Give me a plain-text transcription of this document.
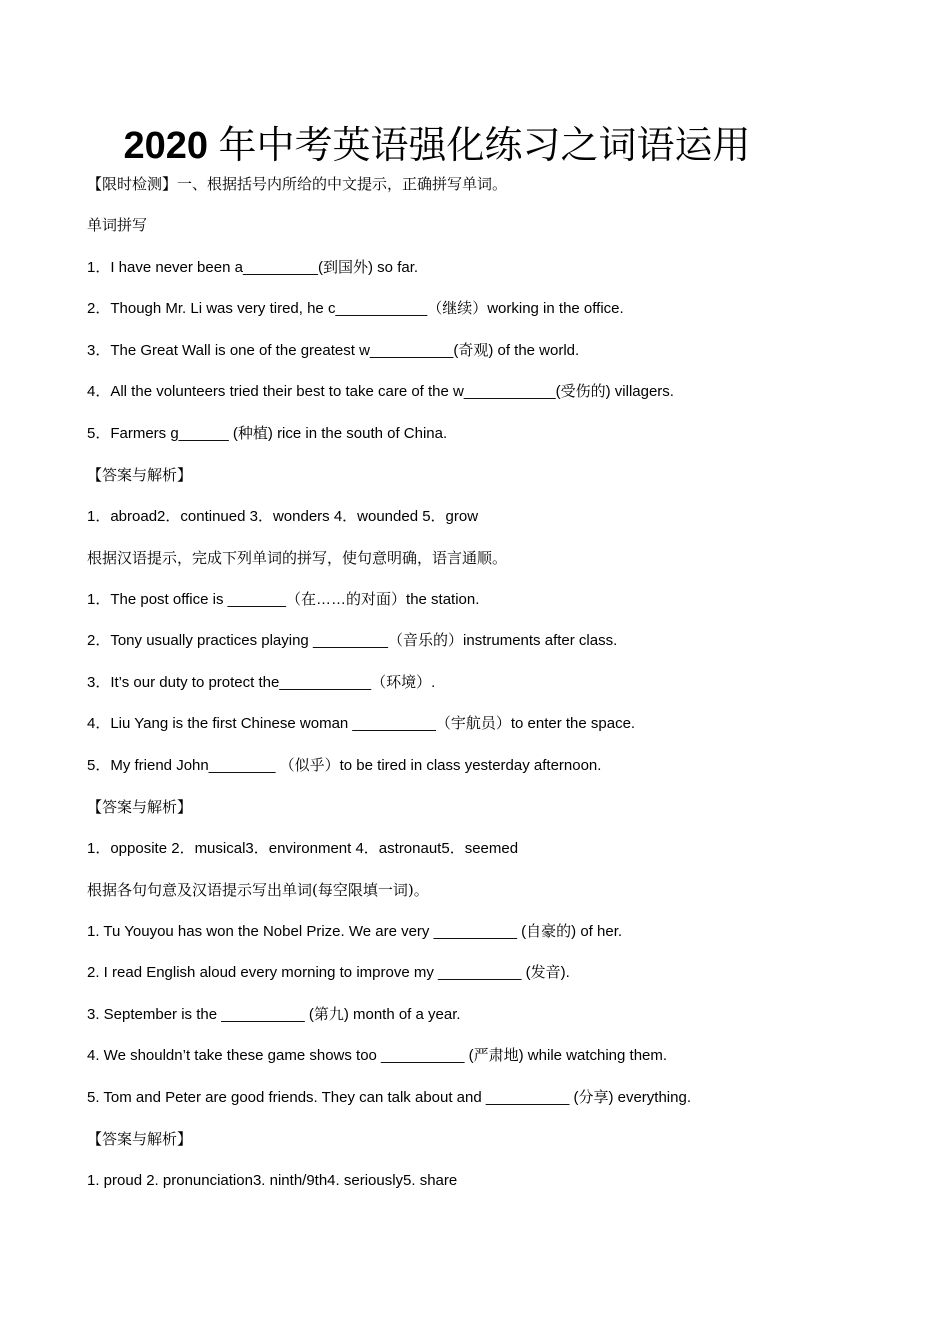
2020 年中考英语强化练习之词语运用
【限时检测】一、根据括号内所给的中文提示，正确拼写单词。
单词拼写
1．I have never been a_________(到国外) so far.
2．Though Mr. Li was very tired, he c___________（继续）working in the office.
3．The Great Wall is one of the greatest w__________(奇观) of the world.
4．All the volunteers tried their best to take care of the w___________(受伤的) villagers.
5．Farmers g______ (种植) rice in the south of China.
【答案与解析】
1．abroad2．continued 3．wonders 4．wounded 5．grow
根据汉语提示，完成下列单词的拼写，使句意明确，语言通顺。
1．The post office is _______（在……的对面）the station.
2．Tony usually practices playing _________（音乐的）instruments after class.
3．It’s our duty to protect the___________（环境）.
4．Liu Yang is the first Chinese woman __________（宇航员）to enter the space.
5．My friend John________ （似乎）to be tired in class yesterday afternoon.
【答案与解析】
1．opposite 2．musical3．environment 4．astronaut5．seemed
根据各句句意及汉语提示写出单词(每空限填一词)。
1. Tu Youyou has won the Nobel Prize. We are very __________ (自豪的) of her.
2. I read English aloud every morning to improve my __________ (发音).
3. September is the __________ (第九) month of a year.
4. We shouldn’t take these game shows too __________ (严肃地) while watching them.
5. Tom and Peter are good friends. They can talk about and __________ (分享) everything.
【答案与解析】
1. proud 2. pronunciation3. ninth/9th4. seriously5. share
